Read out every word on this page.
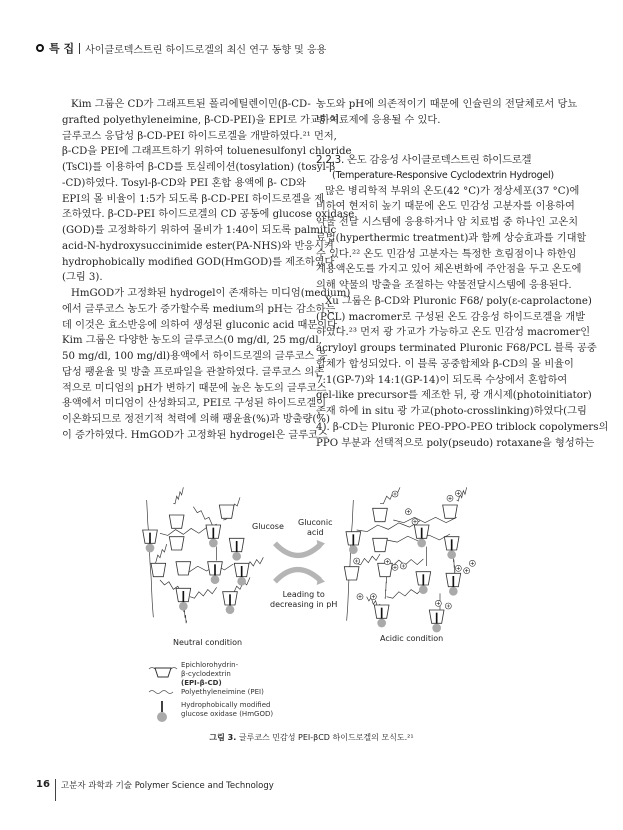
특 집 사이클로덱스트린 하이드로겔의 최신 연구 동향 및 응용
Kim 그룹은 CD가 그래프트된 폴리에틸렌이민(β-CD-
grafted polyethyleneimine, β-CD-PEI)을 EPI로 가교하여
글루코스 응답성 β-CD-PEI 하이드로겔을 개발하였다.²¹ 먼저,
β-CD을 PEI에 그래프트하기 위하여 toluenesulfonyl chloride
(TsCl)를 이용하여 β-CD를 토실레이션(tosylation) (tosyl-β
-CD)하였다. Tosyl-β-CD와 PEI 혼합 용액에 β- CD와
EPI의 몰 비율이 1:5가 되도록 β-CD-PEI 하이드로겔을 제
조하였다. β-CD-PEI 하이드로겔의 CD 공동에 glucose oxidase
(GOD)를 고정화하기 위하여 몰비가 1:40이 되도록 palmitic
acid-N-hydroxysuccinimide ester(PA-NHS)와 반응시켜
hydrophobically modified GOD(HmGOD)를 제조하였다
(그림 3).
HmGOD가 고정화된 hydrogel이 존재하는 미디엄(medium)
에서 글루코스 농도가 증가할수록 medium의 pH는 감소하는
데 이것은 효소반응에 의하여 생성된 gluconic acid 때문이다.
Kim 그룹은 다양한 농도의 글루코스(0 mg/dl, 25 mg/dl,
50 mg/dl, 100 mg/dl)용액에서 하이드로겔의 글루코스 응
답성 팽윤율 및 방출 프로파일을 관찰하였다. 글루코스 의존
적으로 미디엄의 pH가 변하기 때문에 높은 농도의 글루코스
용액에서 미디엄이 산성화되고, PEI로 구성된 하이드로겔이
이온화되므로 정전기적 척력에 의해 팽윤율(%)과 방출량(%)
이 증가하였다. HmGOD가 고정화된 hydrogel은 글루코스
농도와 pH에 의존적이기 때문에 인슐린의 전달체로서 당뇨
병 치료제에 응용될 수 있다.
2.2.3. 온도 감응성 사이클로덱스트린 하이드로겔
(Temperature-Responsive Cyclodextrin Hydrogel)
많은 병리학적 부위의 온도(42 °C)가 정상세포(37 °C)에
비하여 현저히 높기 때문에 온도 민감성 고분자를 이용하여
약물 전달 시스템에 응용하거나 암 치료법 중 하나인 고온치
료법(hyperthermic treatment)과 함께 상승효과를 기대할
수 있다.²² 온도 민감성 고분자는 특정한 흐림점이나 하한임
계용액온도를 가지고 있어 체온변화에 주안점을 두고 온도에
의해 약물의 방출을 조절하는 약물전달시스템에 응용된다.
Xu 그룹은 β-CD와 Pluronic F68/ poly(ε-caprolactone)
(PCL) macromer로 구성된 온도 감응성 하이드로겔을 개발
하였다.²³ 먼저 광 가교가 가능하고 온도 민감성 macromer인
acryloyl groups terminated Pluronic F68/PCL 블록 공중
합체가 합성되었다. 이 블록 공중합체와 β-CD의 몰 비율이
7:1(GP-7)와 14:1(GP-14)이 되도록 수상에서 혼합하여
gel-like precursor를 제조한 뒤, 광 개시제(photoinitiator)
존재 하에 in situ 광 가교(photo-crosslinking)하였다(그림
4). β-CD는 Pluronic PEO-PPO-PEO triblock copolymers의
PPO 부분과 선택적으로 poly(pseudo) rotaxane을 형성하는
Glucose Gluconic
acid
Leading to
decreasing in pH
Neutral condition	Acidic condition
Epichlorohydrin-
β-cyclodextrin
(EPI-β-CD)
Polyethyleneimine (PEI)
Hydrophobically modified
glucose oxidase (HmGOD)
그림 3. 글루코스 민감성 PEI-βCD 하이드로겔의 모식도.²¹
16 고분자 과학과 기술 Polymer Science and Technology
